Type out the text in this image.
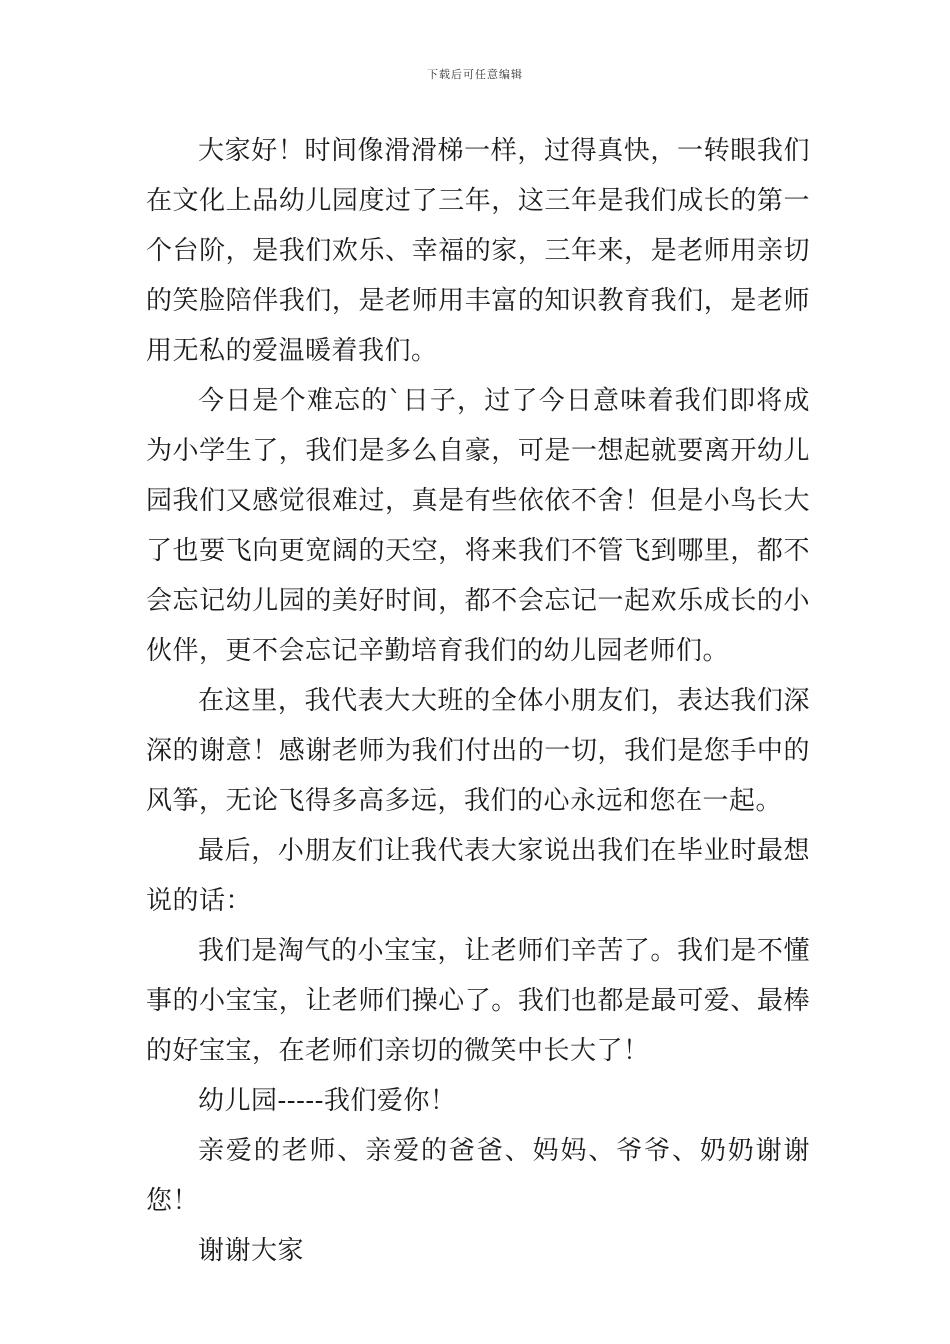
下载后可任意编辑

大家好！时间像滑滑梯一样，过得真快，一转眼我们在文化上品幼儿园度过了三年，这三年是我们成长的第一个台阶，是我们欢乐、幸福的家，三年来，是老师用亲切的笑脸陪伴我们，是老师用丰富的知识教育我们，是老师用无私的爱温暖着我们。

今日是个难忘的`日子，过了今日意味着我们即将成为小学生了，我们是多么自豪，可是一想起就要离开幼儿园我们又感觉很难过，真是有些依依不舍！但是小鸟长大了也要飞向更宽阔的天空，将来我们不管飞到哪里，都不会忘记幼儿园的美好时间，都不会忘记一起欢乐成长的小伙伴，更不会忘记辛勤培育我们的幼儿园老师们。

在这里，我代表大大班的全体小朋友们，表达我们深深的谢意！感谢老师为我们付出的一切，我们是您手中的风筝，无论飞得多高多远，我们的心永远和您在一起。

最后，小朋友们让我代表大家说出我们在毕业时最想说的话：

我们是淘气的小宝宝，让老师们辛苦了。我们是不懂事的小宝宝，让老师们操心了。我们也都是最可爱、最棒的好宝宝，在老师们亲切的微笑中长大了！

幼儿园-----我们爱你！

亲爱的老师、亲爱的爸爸、妈妈、爷爷、奶奶谢谢您！

谢谢大家
